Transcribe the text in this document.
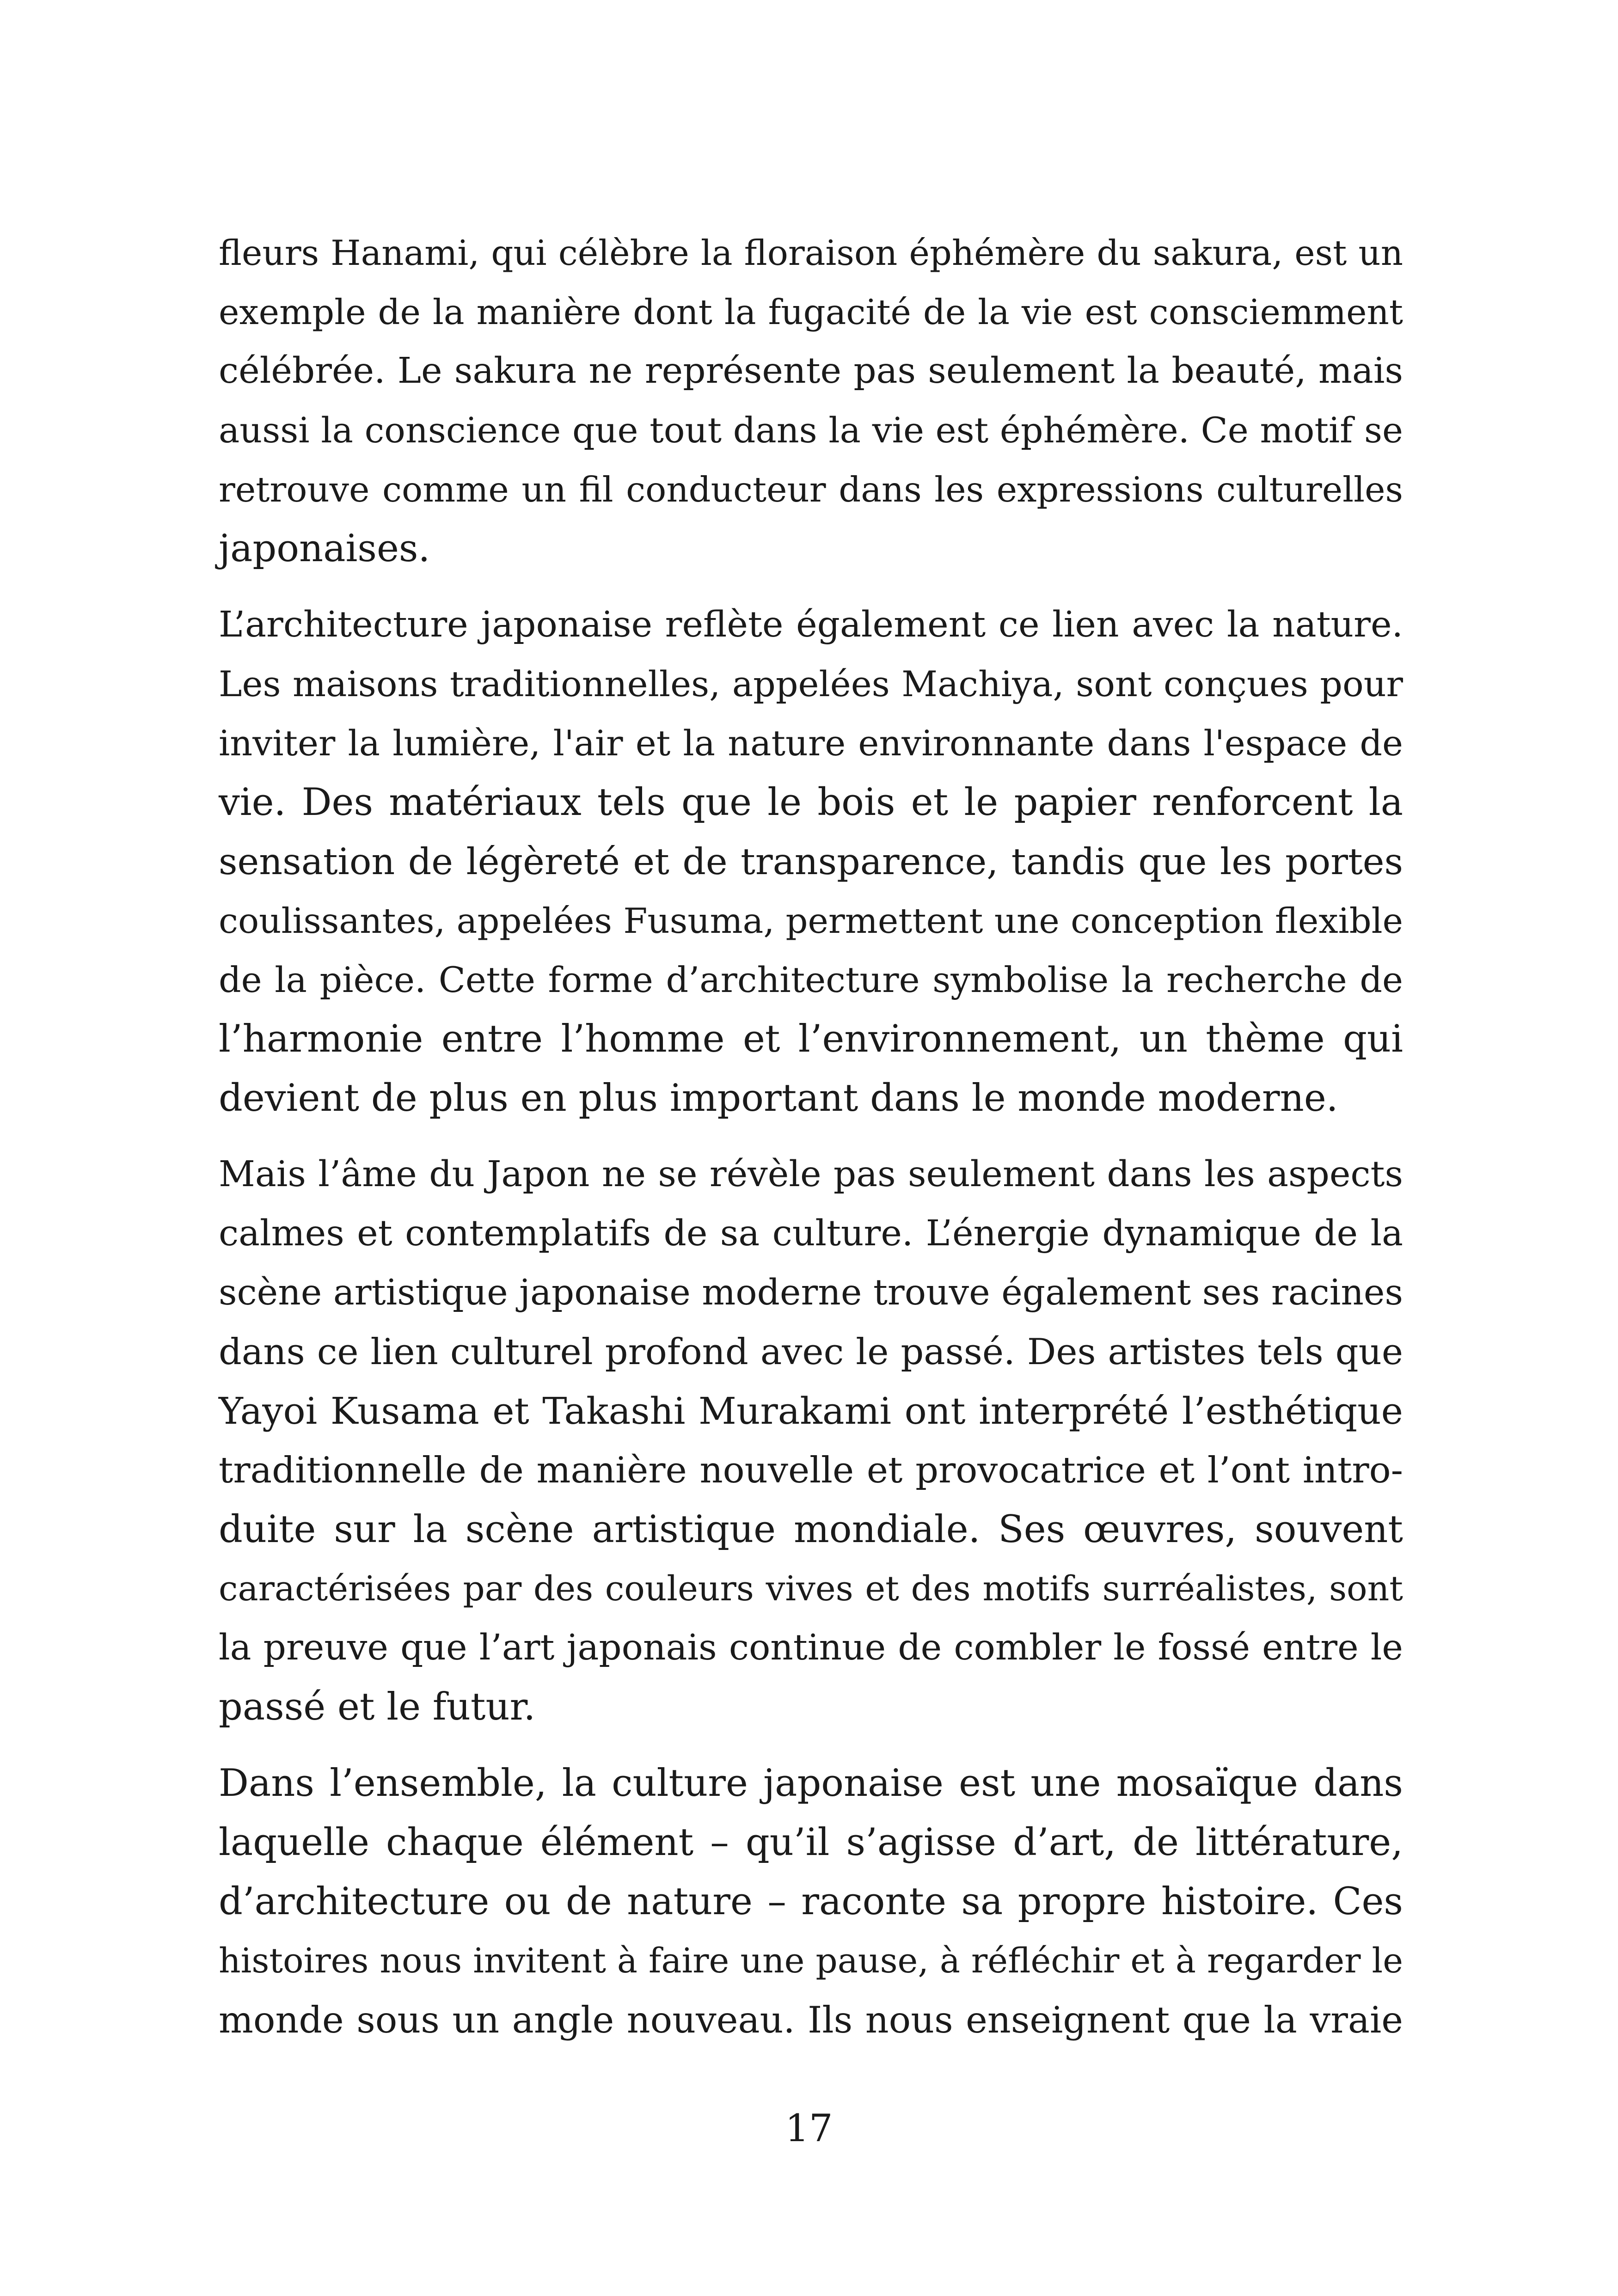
fleurs Hanami, qui célèbre la floraison éphémère du sakura, est un
exemple de la manière dont la fugacité de la vie est consciemment
célébrée. Le sakura ne représente pas seulement la beauté, mais
aussi la conscience que tout dans la vie est éphémère. Ce motif se
retrouve comme un fil conducteur dans les expressions culturelles
japonaises.
L’architecture japonaise reflète également ce lien avec la nature.
Les maisons traditionnelles, appelées Machiya, sont conçues pour
inviter la lumière, l'air et la nature environnante dans l'espace de
vie. Des matériaux tels que le bois et le papier renforcent la
sensation de légèreté et de transparence, tandis que les portes
coulissantes, appelées Fusuma, permettent une conception flexible
de la pièce. Cette forme d’architecture symbolise la recherche de
l’harmonie entre l’homme et l’environnement, un thème qui
devient de plus en plus important dans le monde moderne.
Mais l’âme du Japon ne se révèle pas seulement dans les aspects
calmes et contemplatifs de sa culture. L’énergie dynamique de la
scène artistique japonaise moderne trouve également ses racines
dans ce lien culturel profond avec le passé. Des artistes tels que
Yayoi Kusama et Takashi Murakami ont interprété l’esthétique
traditionnelle de manière nouvelle et provocatrice et l’ont intro-
duite sur la scène artistique mondiale. Ses œuvres, souvent
caractérisées par des couleurs vives et des motifs surréalistes, sont
la preuve que l’art japonais continue de combler le fossé entre le
passé et le futur.
Dans l’ensemble, la culture japonaise est une mosaïque dans
laquelle chaque élément – qu’il s’agisse d’art, de littérature,
d’architecture ou de nature – raconte sa propre histoire. Ces
histoires nous invitent à faire une pause, à réfléchir et à regarder le
monde sous un angle nouveau. Ils nous enseignent que la vraie
17
